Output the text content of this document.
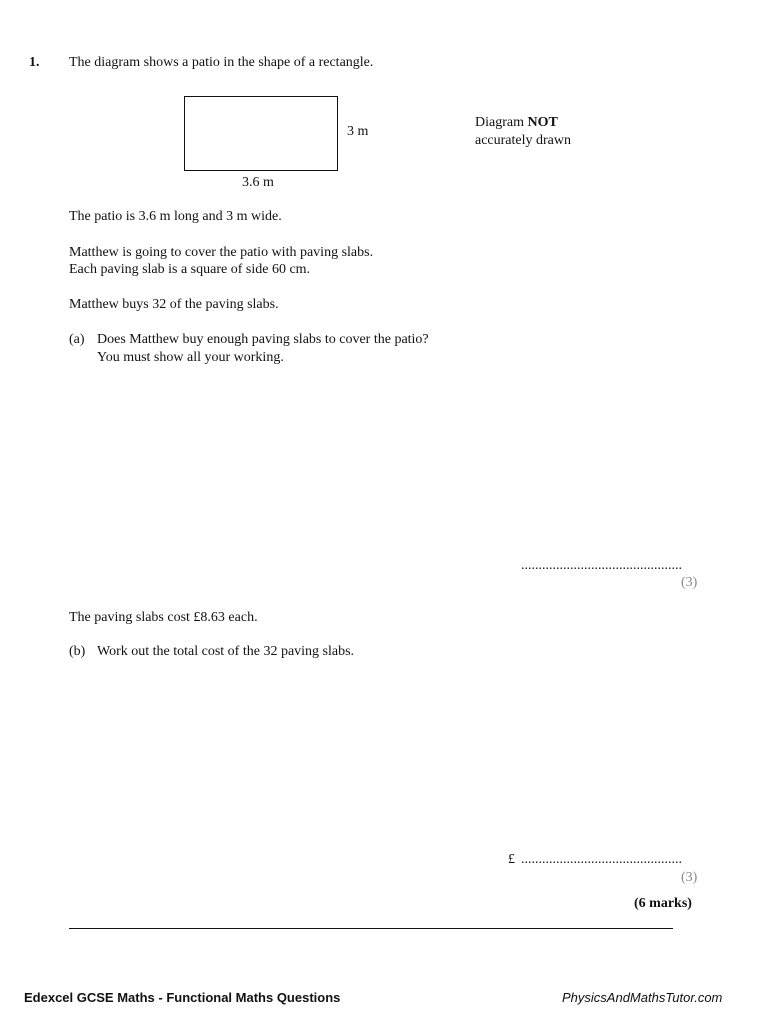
1. The diagram shows a patio in the shape of a rectangle.
3 m
3.6 m
Diagram NOT
accurately drawn
The patio is 3.6 m long and 3 m wide.
Matthew is going to cover the patio with paving slabs.
Each paving slab is a square of side 60 cm.
Matthew buys 32 of the paving slabs.
(a) Does Matthew buy enough paving slabs to cover the patio?
You must show all your working.
..............................................
(3)
The paving slabs cost £8.63 each.
(b) Work out the total cost of the 32 paving slabs.
£ ..............................................
(3)
(6 marks)
Edexcel GCSE Maths - Functional Maths Questions	PhysicsAndMathsTutor.com
